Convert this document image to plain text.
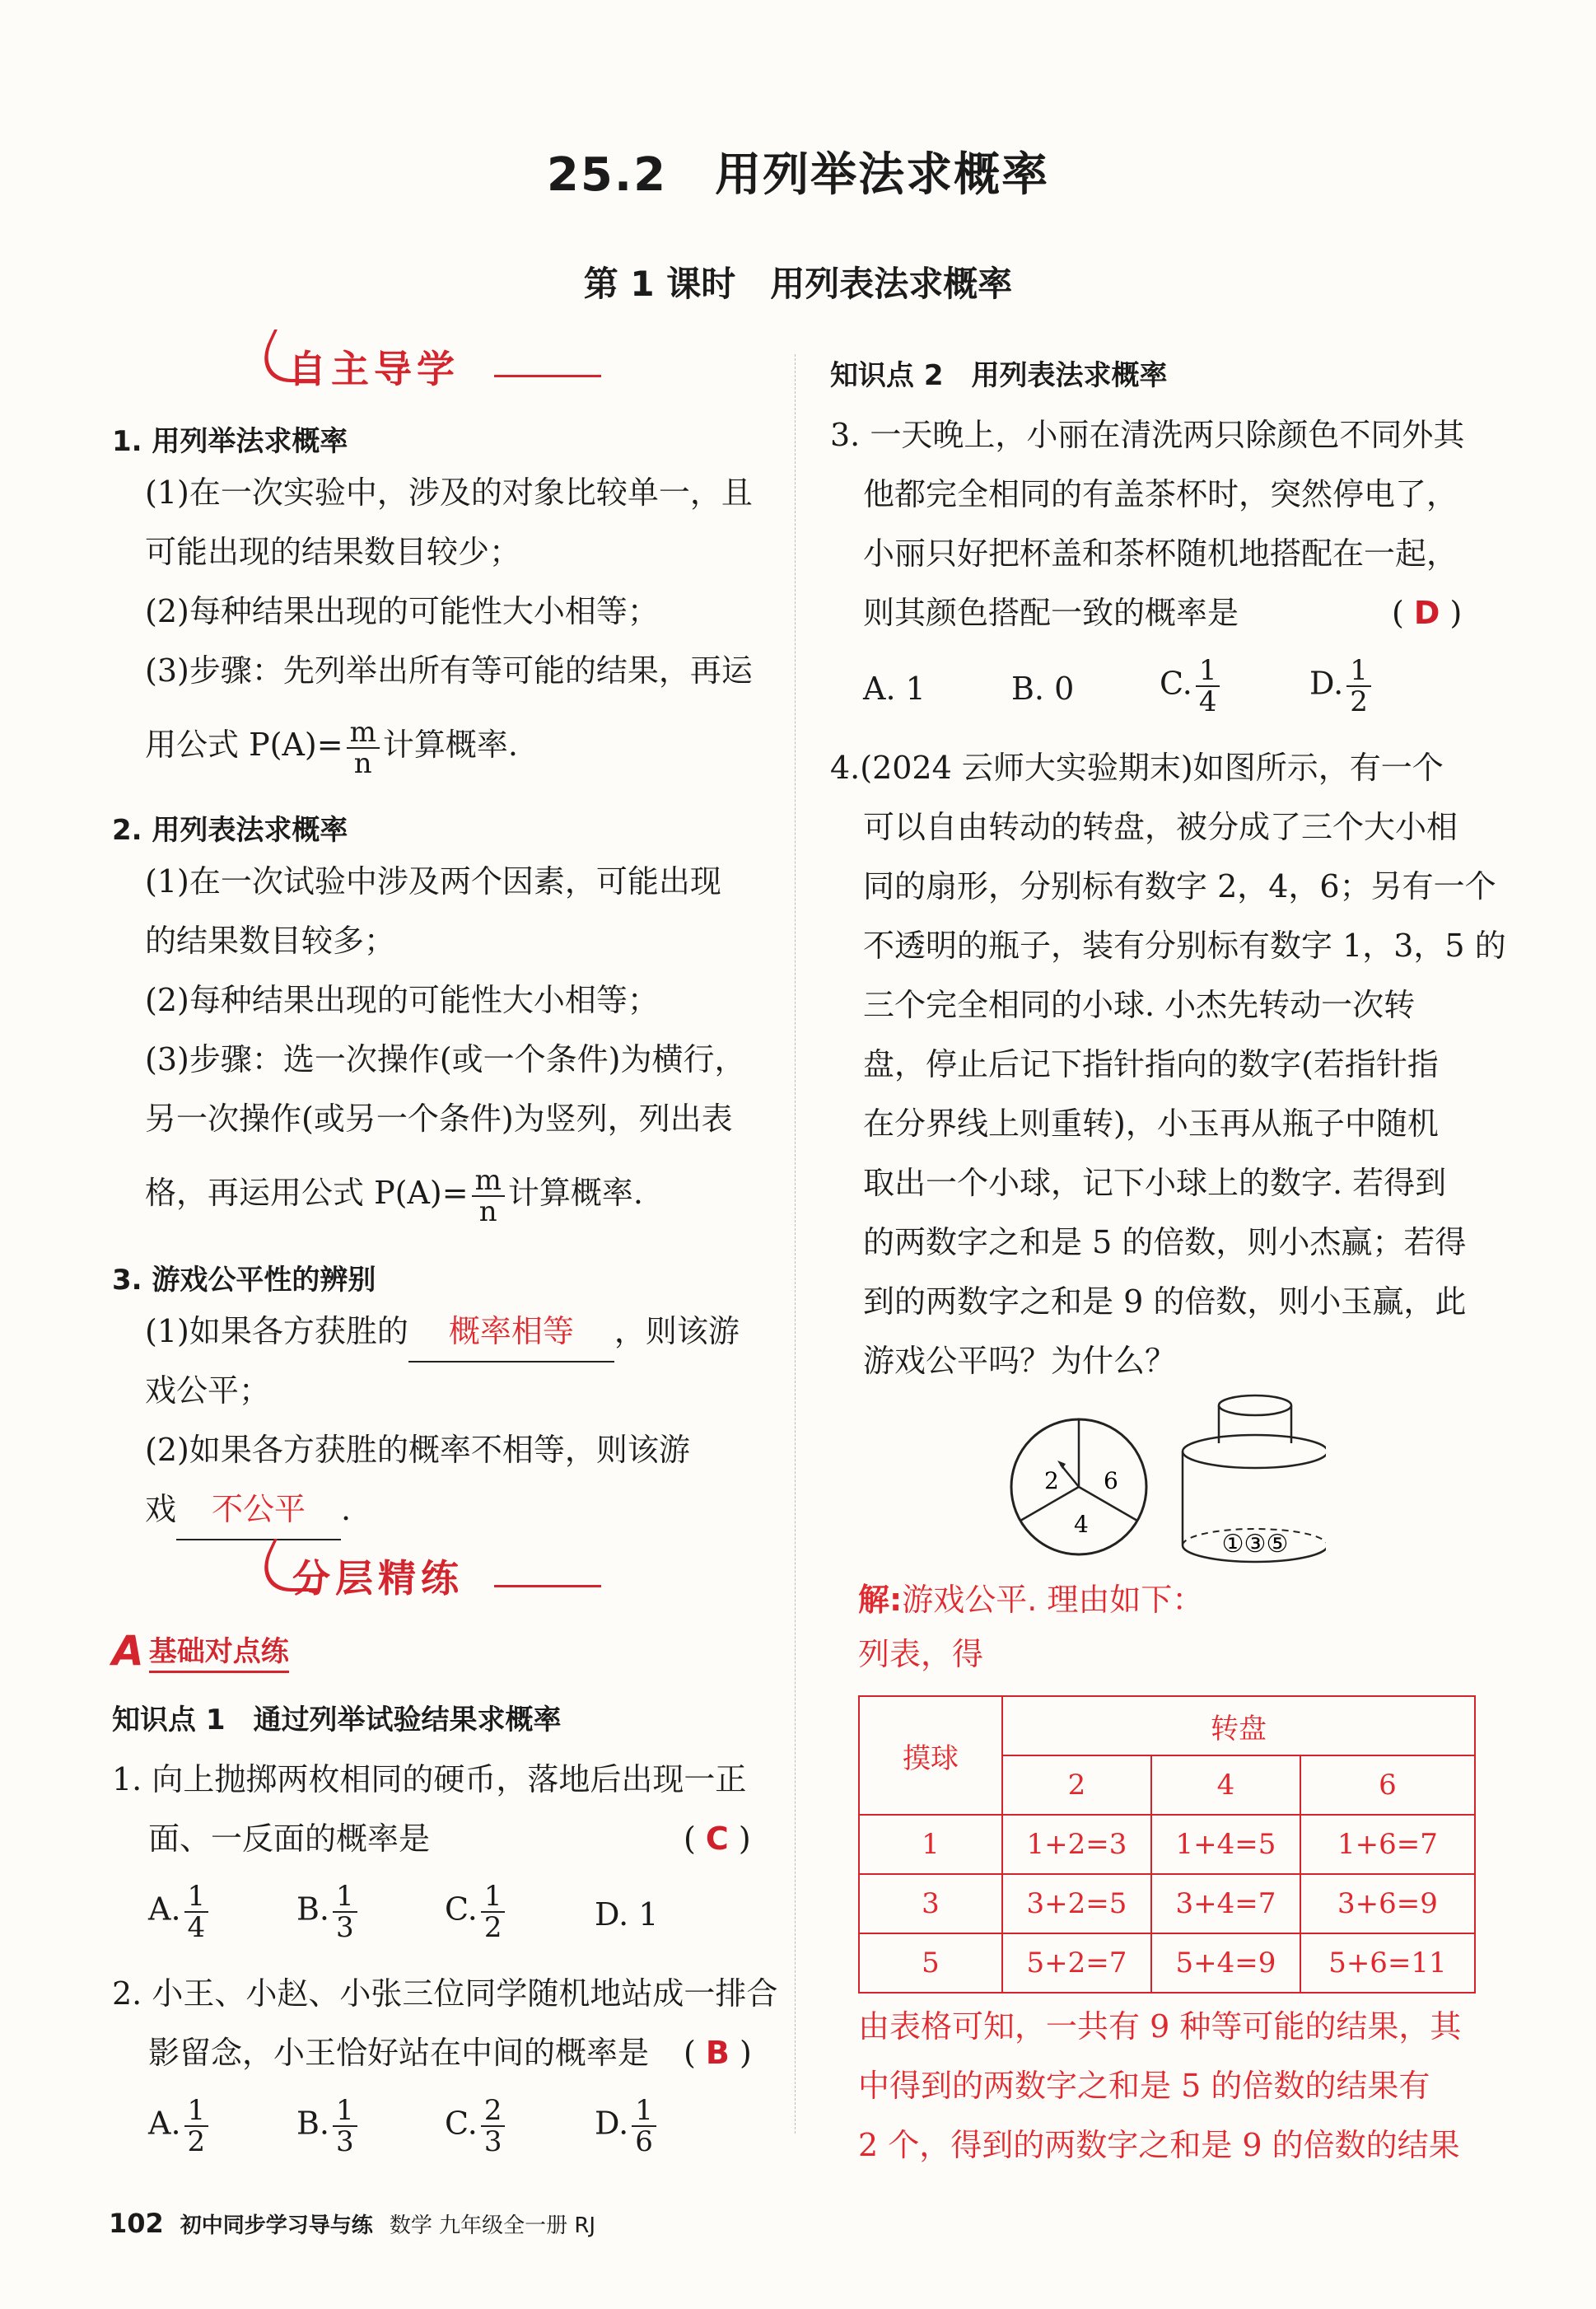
25.2　用列举法求概率
第 1 课时　用列表法求概率
自主导学
1. 用列举法求概率
(1)在一次实验中，涉及的对象比较单一，且
可能出现的结果数目较少；
(2)每种结果出现的可能性大小相等；
(3)步骤：先列举出所有等可能的结果，再运
用公式 $P(A)= \frac{m}{n}$ 计算概率.
2. 用列表法求概率
(1)在一次试验中涉及两个因素，可能出现
的结果数目较多；
(2)每种结果出现的可能性大小相等；
(3)步骤：选一次操作(或一个条件)为横行，
另一次操作(或另一个条件)为竖列，列出表
格，再运用公式 $P(A)= \frac{m}{n}$ 计算概率.
3. 游戏公平性的辨别
(1)如果各方获胜的 概率相等 ，则该游
戏公平；
(2)如果各方获胜的概率不相等，则该游
戏 不公平 .
分层精练
A 基础对点练
知识点 1　通过列举试验结果求概率
1. 向上抛掷两枚相同的硬币，落地后出现一正
面、一反面的概率是	( C )
A. $\frac{1}{4}$	B. $\frac{1}{3}$	C. $\frac{1}{2}$	D. 1
2. 小王、小赵、小张三位同学随机地站成一排合
影留念，小王恰好站在中间的概率是 ( B )
A. $\frac{1}{2}$	B. $\frac{1}{3}$	C. $\frac{2}{3}$	D. $\frac{1}{6}$
知识点 2　用列表法求概率
3. 一天晚上，小丽在清洗两只除颜色不同外其
他都完全相同的有盖茶杯时，突然停电了，
小丽只好把杯盖和茶杯随机地搭配在一起，
则其颜色搭配一致的概率是	( D )
A. 1	B. 0	C. $\frac{1}{4}$	D. $\frac{1}{2}$
4.(2024 云师大实验期末)如图所示，有一个
可以自由转动的转盘，被分成了三个大小相
同的扇形，分别标有数字 2，4，6；另有一个
不透明的瓶子，装有分别标有数字 1，3，5 的
三个完全相同的小球. 小杰先转动一次转
盘，停止后记下指针指向的数字(若指针指
在分界线上则重转)，小玉再从瓶子中随机
取出一个小球，记下小球上的数字. 若得到
的两数字之和是 5 的倍数，则小杰赢；若得
到的两数字之和是 9 的倍数，则小玉赢，此
游戏公平吗？为什么？
2 6
4
①③⑤
解:游戏公平. 理由如下：
列表，得
摸球	转盘		
	2	4	6
1	1+2=3	1+4=5	1+6=7
3	3+2=5	3+4=7	3+6=9
5	5+2=7	5+4=9	5+6=11
由表格可知，一共有 9 种等可能的结果，其
中得到的两数字之和是 5 的倍数的结果有
2 个，得到的两数字之和是 9 的倍数的结果
102 初中同步学习导与练 数学 九年级全一册 RJ
